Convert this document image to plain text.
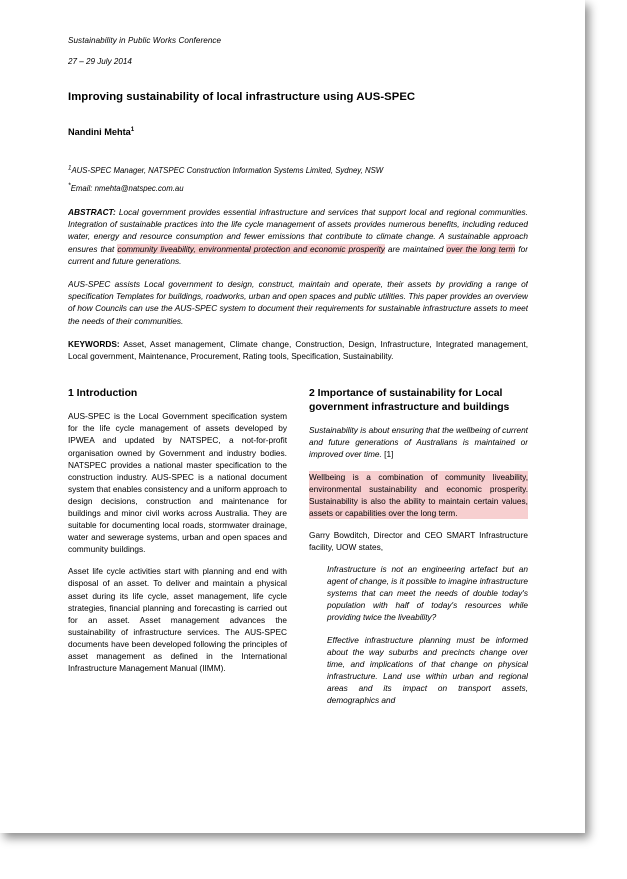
Sustainability in Public Works Conference

27 – 29 July 2014

Improving sustainability of local infrastructure using AUS-SPEC

Nandini Mehta$^1$

$^1$AUS-SPEC Manager, NATSPEC Construction Information Systems Limited, Sydney, NSW

*Email: nmehta@natspec.com.au

ABSTRACT: Local government provides essential infrastructure and services that support local and regional communities. Integration of sustainable practices into the life cycle management of assets provides numerous benefits, including reduced water, energy and resource consumption and fewer emissions that contribute to climate change. A sustainable approach ensures that community liveability, environmental protection and economic prosperity are maintained over the long term for current and future generations.

AUS-SPEC assists Local government to design, construct, maintain and operate, their assets by providing a range of specification Templates for buildings, roadworks, urban and open spaces and public utilities. This paper provides an overview of how Councils can use the AUS-SPEC system to document their requirements for sustainable infrastructure assets to meet the needs of their communities.

KEYWORDS: Asset, Asset management, Climate change, Construction, Design, Infrastructure, Integrated management, Local government, Maintenance, Procurement, Rating tools, Specification, Sustainability.

1 Introduction

AUS-SPEC is the Local Government specification system for the life cycle management of assets developed by IPWEA and updated by NATSPEC, a not-for-profit organisation owned by Government and industry bodies. NATSPEC provides a national master specification to the construction industry. AUS-SPEC is a national document system that enables consistency and a uniform approach to design decisions, construction and maintenance for buildings and minor civil works across Australia. They are suitable for documenting local roads, stormwater drainage, water and sewerage systems, urban and open spaces and community buildings.

Asset life cycle activities start with planning and end with disposal of an asset. To deliver and maintain a physical asset during its life cycle, asset management, life cycle strategies, financial planning and forecasting is carried out for an asset. Asset management advances the sustainability of infrastructure services. The AUS-SPEC documents have been developed following the principles of asset management as defined in the International Infrastructure Management Manual (IIMM).

2 Importance of sustainability for Local government infrastructure and buildings

Sustainability is about ensuring that the wellbeing of current and future generations of Australians is maintained or improved over time. [1]

Wellbeing is a combination of community liveability, environmental sustainability and economic prosperity. Sustainability is also the ability to maintain certain values, assets or capabilities over the long term.

Garry Bowditch, Director and CEO SMART Infrastructure facility, UOW states,

Infrastructure is not an engineering artefact but an agent of change, is it possible to imagine infrastructure systems that can meet the needs of double today's population with half of today's resources while providing twice the liveability?

Effective infrastructure planning must be informed about the way suburbs and precincts change over time, and implications of that change on physical infrastructure. Land use within urban and regional areas and its impact on transport assets, demographics and
